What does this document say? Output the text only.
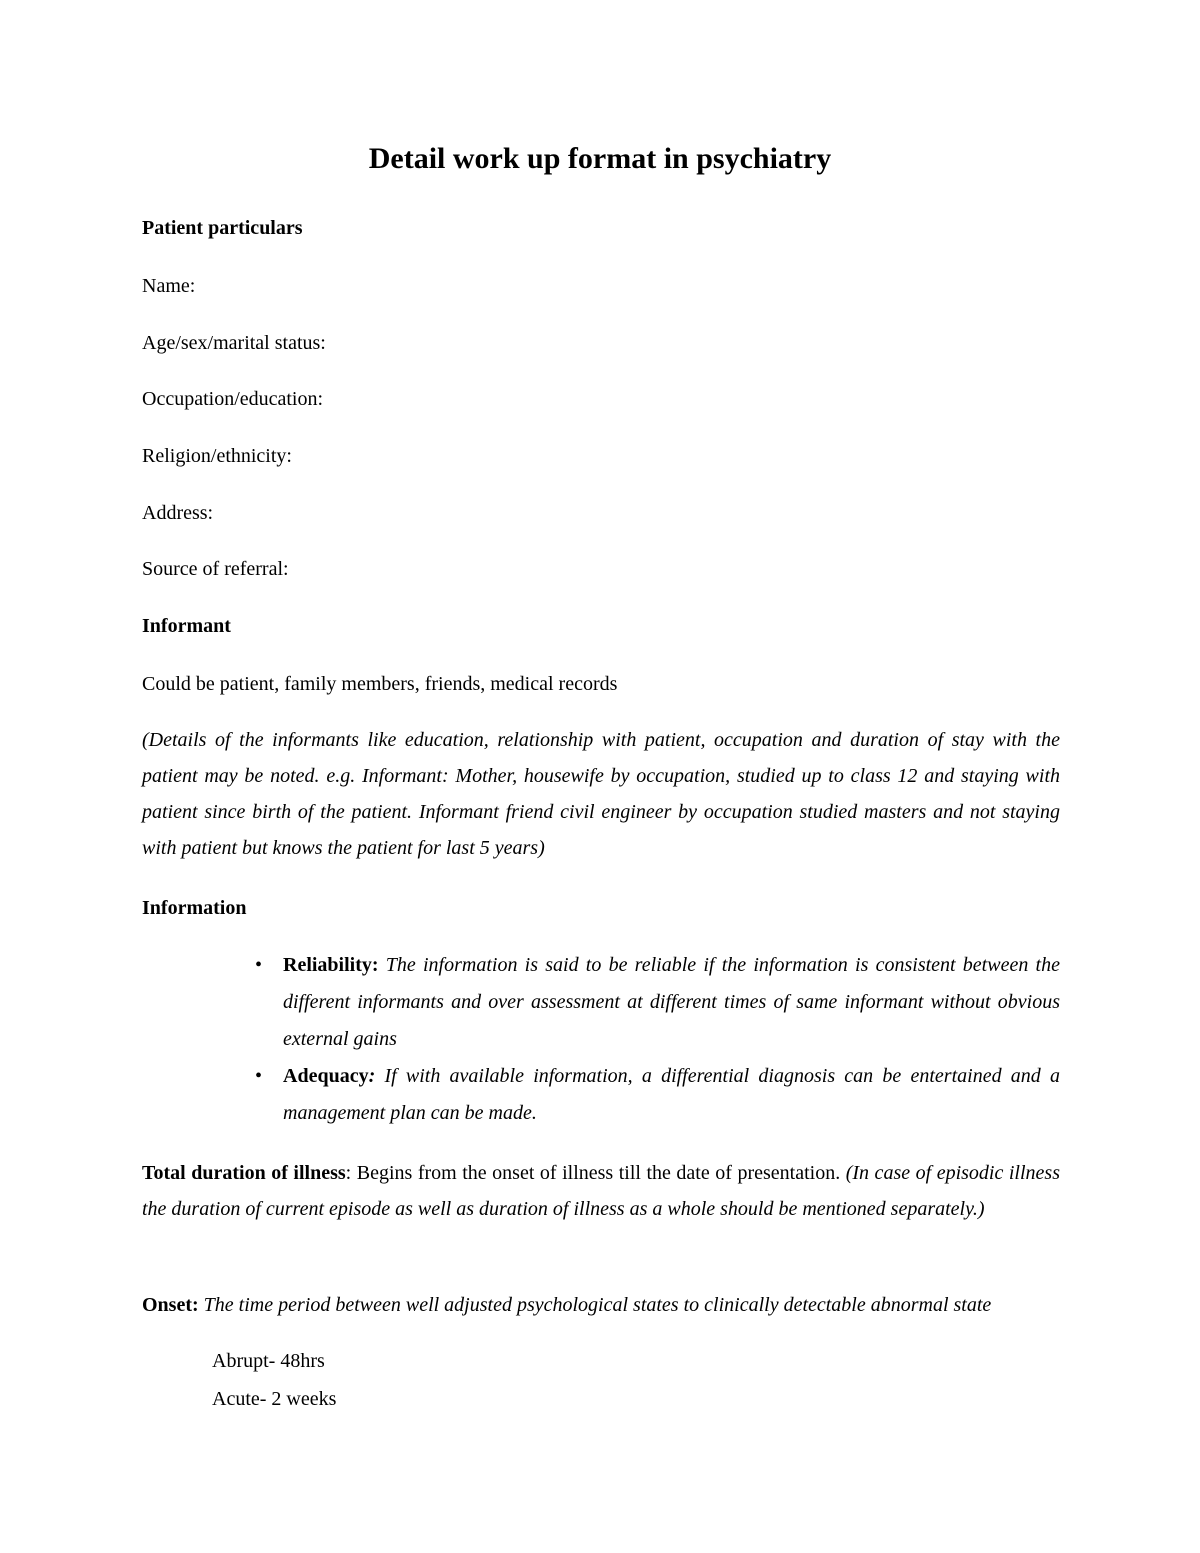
Detail work up format in psychiatry

Patient particulars

Name:

Age/sex/marital status:

Occupation/education:

Religion/ethnicity:

Address:

Source of referral:

Informant

Could be patient, family members, friends, medical records

(Details of the informants like education, relationship with patient, occupation and duration of stay with the patient may be noted. e.g. Informant: Mother, housewife by occupation, studied up to class 12 and staying with patient since birth of the patient. Informant friend civil engineer by occupation studied masters and not staying with patient but knows the patient for last 5 years)

Information

• Reliability: The information is said to be reliable if the information is consistent between the different informants and over assessment at different times of same informant without obvious external gains
• Adequacy: If with available information, a differential diagnosis can be entertained and a management plan can be made.

Total duration of illness: Begins from the onset of illness till the date of presentation. (In case of episodic illness the duration of current episode as well as duration of illness as a whole should be mentioned separately.)

Onset: The time period between well adjusted psychological states to clinically detectable abnormal state

Abrupt- 48hrs

Acute- 2 weeks
